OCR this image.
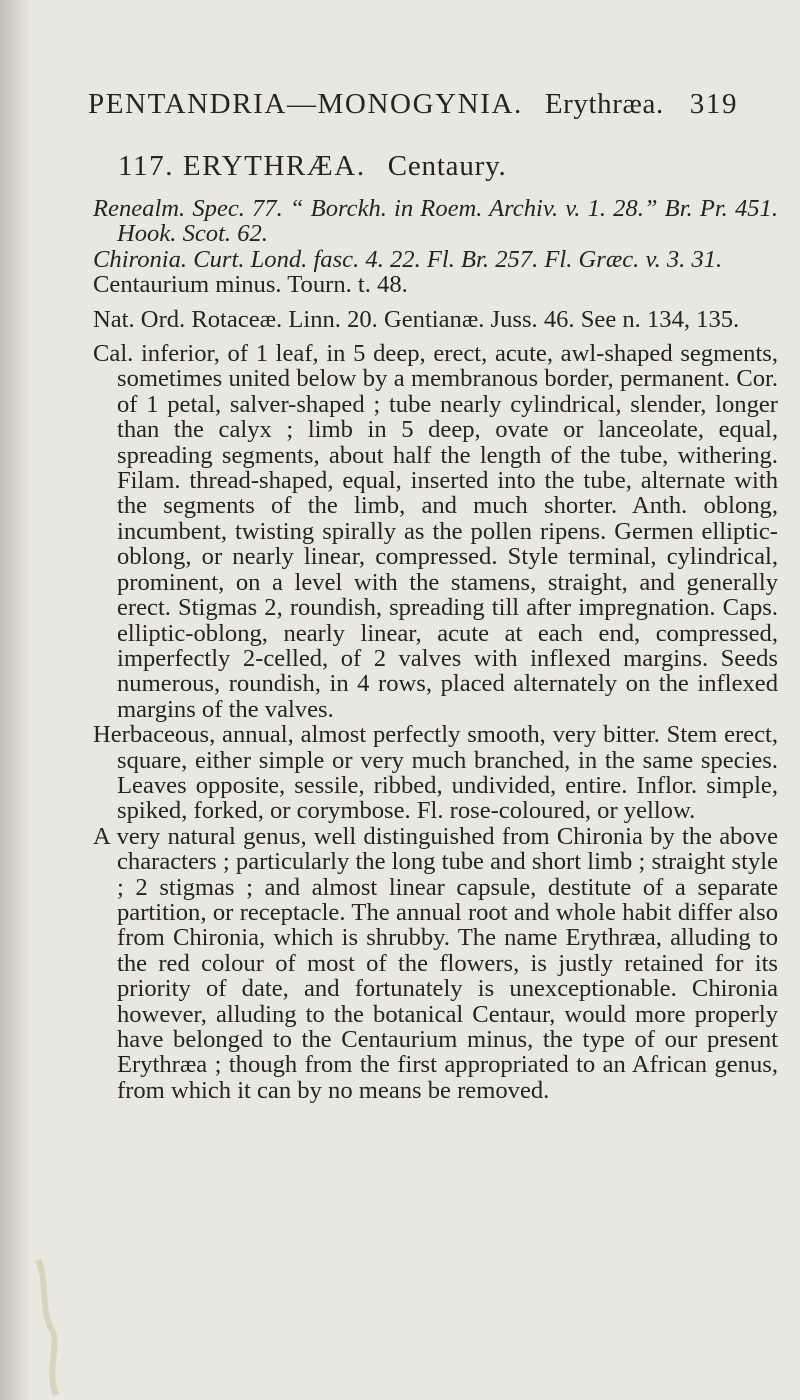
PENTANDRIA—MONOGYNIA. Erythræa. 319
117. ERYTHRÆA. Centaury.

Renealm. Spec. 77. “ Borckh. in Roem. Archiv. v. 1. 28.” Br. Pr. 451. Hook. Scot. 62.

Chironia. Curt. Lond. fasc. 4. 22. Fl. Br. 257. Fl. Græc. v. 3. 31.

Centaurium minus. Tourn. t. 48.

Nat. Ord. Rotaceæ. Linn. 20. Gentianæ. Juss. 46. See n. 134, 135.

Cal. inferior, of 1 leaf, in 5 deep, erect, acute, awl-shaped segments, sometimes united below by a membranous border, permanent. Cor. of 1 petal, salver-shaped ; tube nearly cylindrical, slender, longer than the calyx ; limb in 5 deep, ovate or lanceolate, equal, spreading segments, about half the length of the tube, withering. Filam. thread-shaped, equal, inserted into the tube, alternate with the segments of the limb, and much shorter. Anth. oblong, incumbent, twisting spirally as the pollen ripens. Germen elliptic-oblong, or nearly linear, compressed. Style terminal, cylindrical, prominent, on a level with the stamens, straight, and generally erect. Stigmas 2, roundish, spreading till after impregnation. Caps. elliptic-oblong, nearly linear, acute at each end, compressed, imperfectly 2-celled, of 2 valves with inflexed margins. Seeds numerous, roundish, in 4 rows, placed alternately on the inflexed margins of the valves.

Herbaceous, annual, almost perfectly smooth, very bitter. Stem erect, square, either simple or very much branched, in the same species. Leaves opposite, sessile, ribbed, undivided, entire. Inflor. simple, spiked, forked, or corymbose. Fl. rose-coloured, or yellow.

A very natural genus, well distinguished from Chironia by the above characters ; particularly the long tube and short limb ; straight style ; 2 stigmas ; and almost linear capsule, destitute of a separate partition, or receptacle. The annual root and whole habit differ also from Chironia, which is shrubby. The name Erythræa, alluding to the red colour of most of the flowers, is justly retained for its priority of date, and fortunately is unexceptionable. Chironia however, alluding to the botanical Centaur, would more properly have belonged to the Centaurium minus, the type of our present Erythræa ; though from the first appropriated to an African genus, from which it can by no means be removed.
